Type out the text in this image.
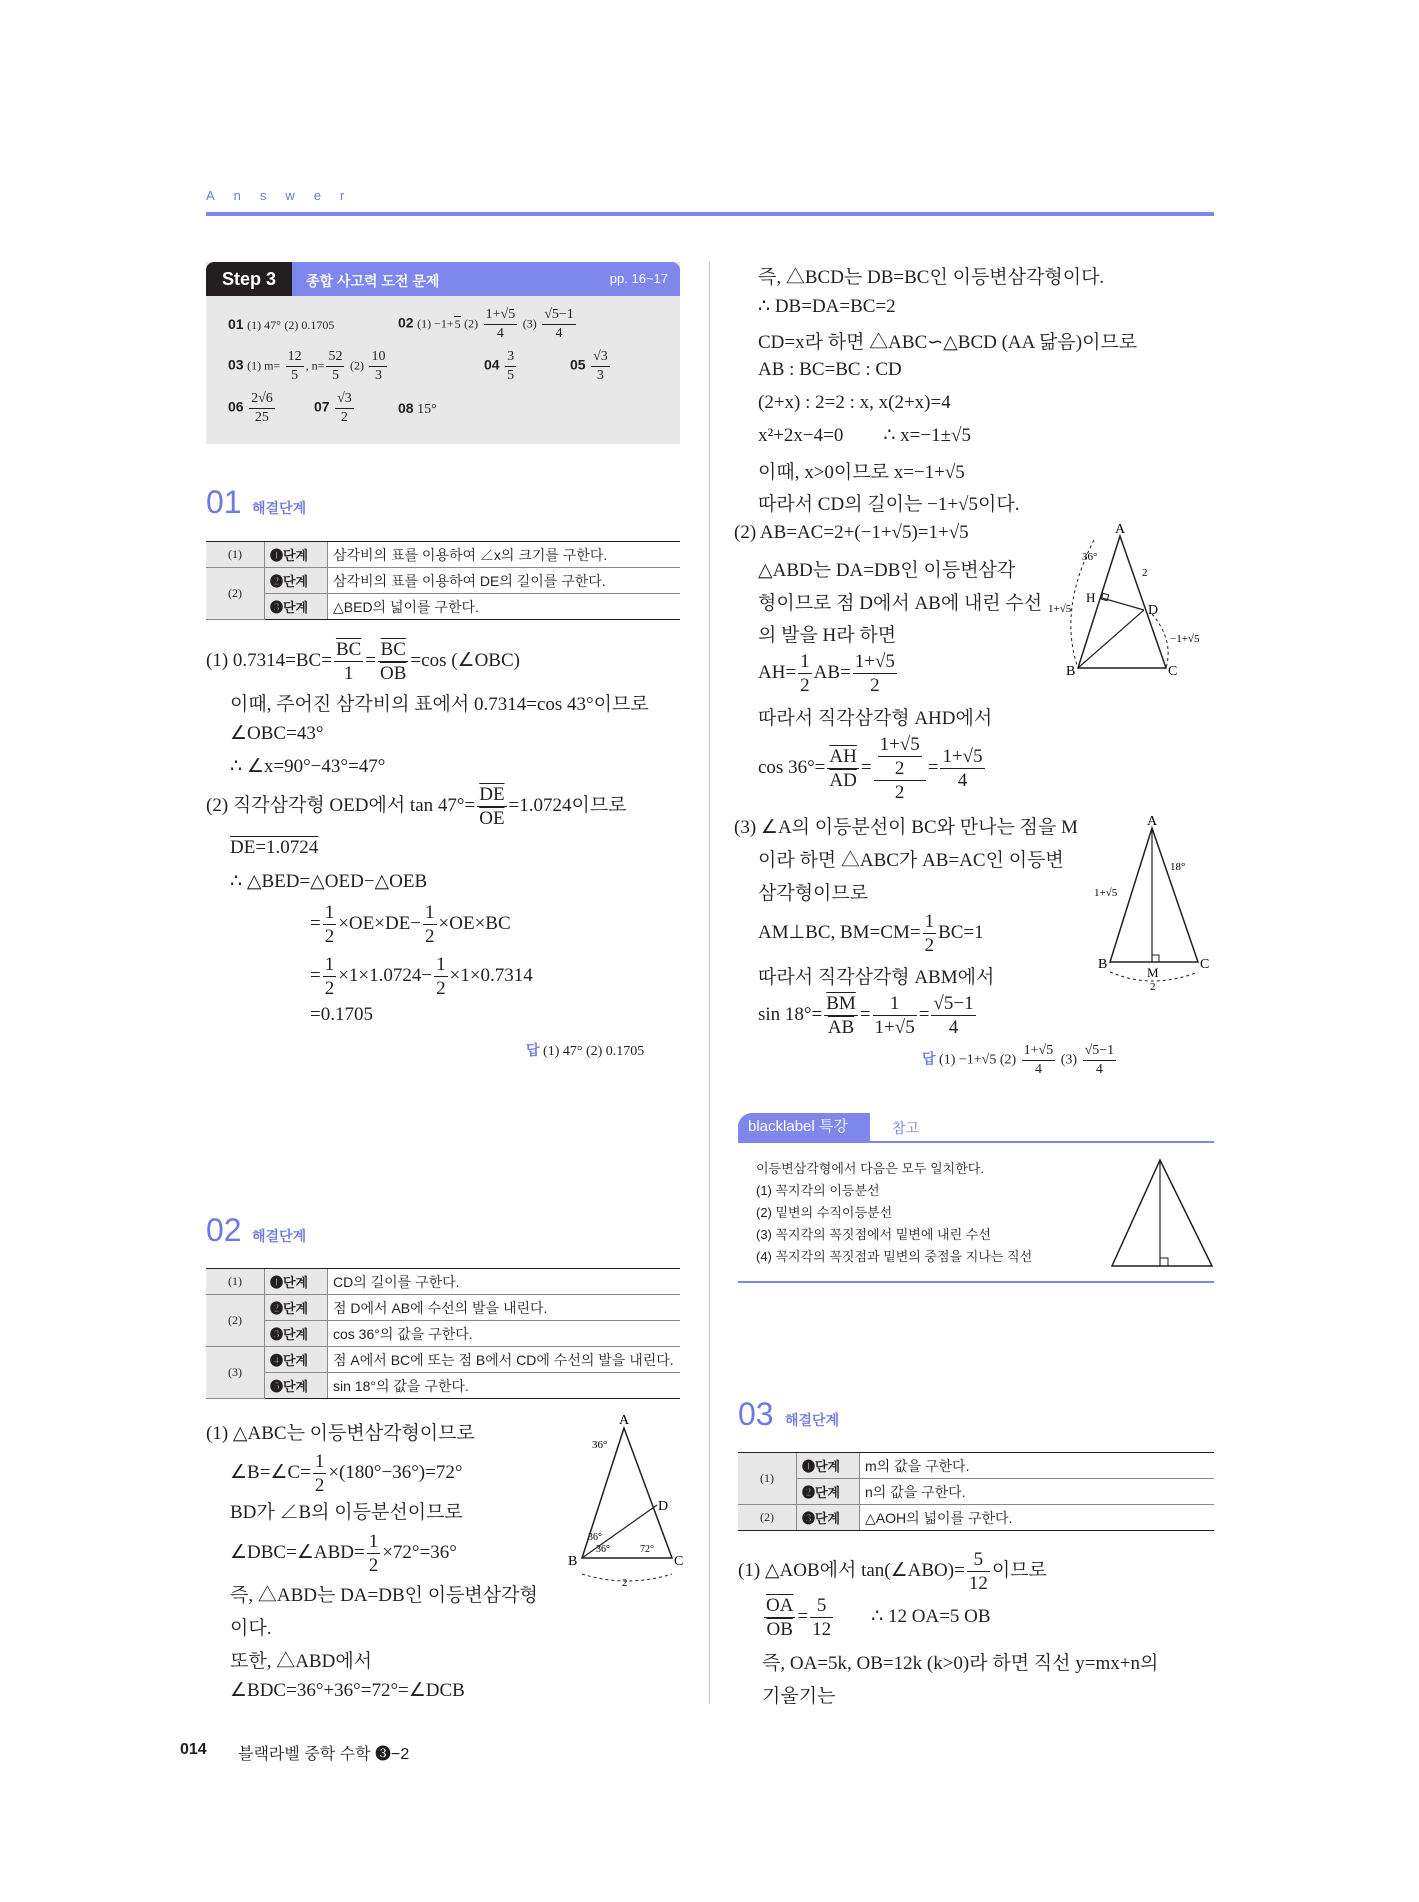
Answer
Step 3	종합 사고력 도전 문제	pp. 16~17
01 (1) 47° (2) 0.1705	02 (1) −1+5 $(2) \frac{1+√5}{4} (3) \frac{√5-1}{4}$
03 (1) $m= \frac{12}{5}$ , $n= \frac{52}{5} (2) \frac{10}{3}$	$04 \frac{3}{5}$	$05 \frac{√3}{3}$
$06 \frac{2√6}{25}$	$07 \frac{√3}{2}$	08 15°
01 해결단계
(1)	❶단계	삼각비의 표를 이용하여 ∠x의 크기를 구한다.
(2)	❷단계	삼각비의 표를 이용하여 DE의 길이를 구한다.
	❸단계	△BED의 넓이를 구한다.
(1) $0.7314=BC= \frac{\overline{BC}}{1} = \frac{\overline{BC}}{OB} =\cos$ (∠OBC)
이때, 주어진 삼각비의 표에서 0.7314=cos 43°이므로
∠OBC=43°
∴ ∠x=90°−43°=47°
(2) 직각삼각형 OED에서 $\tan 47^\circ= \frac{\overline{DE}}{OE} =1.0724$이므로
DE=1.0724
∴ △BED=△OED−△OEB
= $\frac{1}{2} \times OE\times DE- \frac{1}{2} \times OE\times BC$
= $\frac{1}{2} \times 1\times 1.0724- \frac{1}{2} \times 1\times 0.7314$
=0.1705
답 (1) 47° (2) 0.1705
02 해결단계
(1)	❶단계	CD의 길이를 구한다.
(2)	❷단계	점 D에서 AB에 수선의 발을 내린다.
	❸단계	cos 36°의 값을 구한다.
(3)	❹단계	점 A에서 BC에 또는 점 B에서 CD에 수선의 발을 내린다.
	❺단계	sin 18°의 값을 구한다.
(1) △ABC는 이등변삼각형이므로
∠B=∠C= $\frac{1}{2} \times(180^\circ-36^\circ)=72^\circ$
BD가 ∠B의 이등분선이므로
∠DBC=∠ABD= $\frac{1}{2} \times 72^\circ=36^\circ$
즉, △ABD는 DA=DB인 이등변삼각형
이다.
또한, △ABD에서
∠BDC=36°+36°=72°=∠DCB
A
B	C
D
36°
36°
36°	72°
2
즉, △BCD는 DB=BC인 이등변삼각형이다.
∴ DB=DA=BC=2
CD=x라 하면 △ABC∽△BCD (AA 닮음)이므로
AB : BC=BC : CD
(2+x) : 2=2 : x, x(2+x)=4
x²+2x−4=0 ∴ x=−1±√5
이때, x>0이므로 x=−1+√5
따라서 CD의 길이는 −1+√5이다.
(2) AB=AC=2+(−1+√5)=1+√5
△ABD는 DA=DB인 이등변삼각
형이므로 점 D에서 AB에 내린 수선
의 발을 H라 하면
$AH= \frac{1}{2} AB= \frac{1+√5}{2}$
따라서 직각삼각형 AHD에서
$\cos 36^\circ= \frac{\overline{AH}}{AD} = \frac{\frac{1+√5}{2}}{2} = \frac{1+√5}{4}$
A
B	C
D
H
36°
2
1+√5
−1+√5
(3) ∠A의 이등분선이 BC와 만나는 점을 M
이라 하면 △ABC가 AB=AC인 이등변
삼각형이므로
AM⊥BC, $BM=CM= \frac{1}{2} BC=1$
따라서 직각삼각형 ABM에서
$\sin 18^\circ= \frac{\overline{BM}}{AB} = \frac{1}{1+√5} = \frac{√5-1}{4}$
A
B	C
M
18°
1+√5
2
답 (1) −1+√5 $(2) \frac{1+√5}{4} (3) \frac{√5-1}{4}$
blacklabel 특강	참고
이등변삼각형에서 다음은 모두 일치한다.
(1) 꼭지각의 이등분선
(2) 밑변의 수직이등분선
(3) 꼭지각의 꼭짓점에서 밑변에 내린 수선
(4) 꼭지각의 꼭짓점과 밑변의 중점을 지나는 직선
03 해결단계
(1)	❶단계	m의 값을 구한다.
	❷단계	n의 값을 구한다.
(2)	❸단계	△AOH의 넓이를 구한다.
(1) △AOB에서 tan(∠ABO)= $\frac{5}{12}$ 이므로
$\frac{\overline{OA}}{OB} = \frac{5}{12}$ ∴ 12 OA=5 OB
즉, OA=5k, OB=12k (k>0)라 하면 직선 y=mx+n의
기울기는
014 블랙라벨 중학 수학 ❸−2
